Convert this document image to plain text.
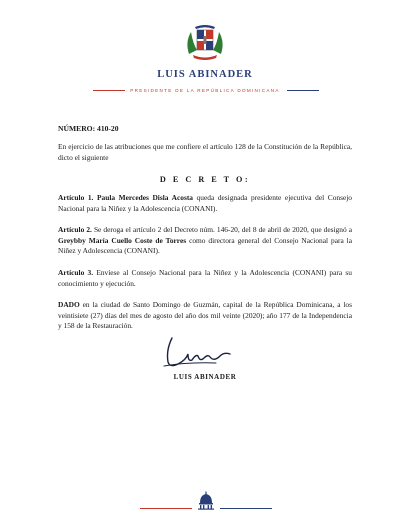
LUIS ABINADER
PRESIDENTE DE LA REPÚBLICA DOMINICANA
NÚMERO: 410-20
En ejercicio de las atribuciones que me confiere el artículo 128 de la Constitución de la República, dicto el siguiente
D E C R E T O:
Artículo 1. Paula Mercedes Disla Acosta queda designada presidente ejecutiva del Consejo Nacional para la Niñez y la Adolescencia (CONANI).
Artículo 2. Se deroga el artículo 2 del Decreto núm. 146-20, del 8 de abril de 2020, que designó a Greybby María Cuello Coste de Torres como directora general del Consejo Nacional para la Niñez y Adolescencia (CONANI).
Artículo 3. Envíese al Consejo Nacional para la Niñez y la Adolescencia (CONANI) para su conocimiento y ejecución.
DADO en la ciudad de Santo Domingo de Guzmán, capital de la República Dominicana, a los veintisiete (27) días del mes de agosto del año dos mil veinte (2020); año 177 de la Independencia y 158 de la Restauración.
LUIS ABINADER
